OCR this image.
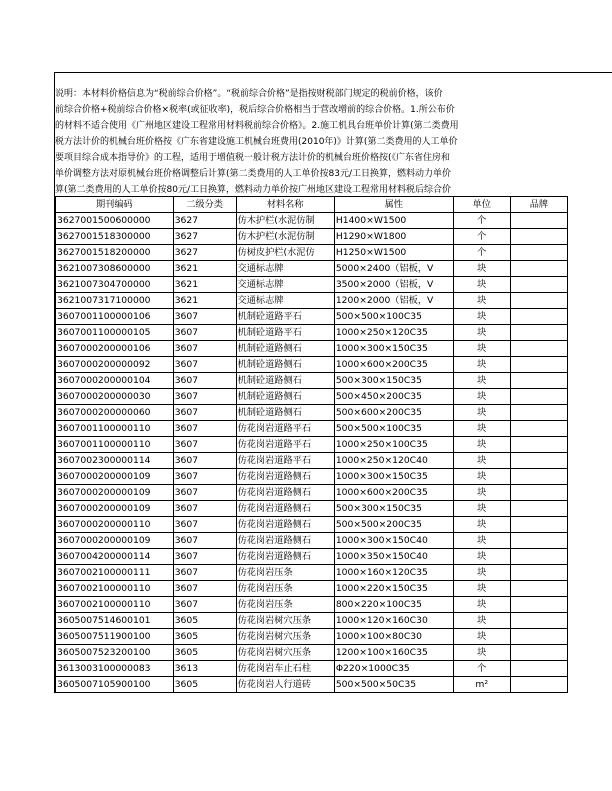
说明：本材料价格信息为“税前综合价格”。“税前综合价格”是指按财税部门规定的税前价格，该价
前综合价格+税前综合价格×税率(或征收率)，税后综合价格相当于营改增前的综合价格。1.所公布价
的材料不适合使用《广州地区建设工程常用材料税前综合价格》。2.施工机具台班单价计算(第二类费用
税方法计价的机械台班价格按《广东省建设施工机械台班费用(2010年)》计算(第二类费用的人工单价
要项目综合成本指导价》的工程，适用于增值税一般计税方法计价的机械台班价格按(《广东省住房和
单价调整方法对原机械台班价格调整后计算(第二类费用的人工单价按83元/工日换算，燃料动力单价
算(第二类费用的人工单价按80元/工日换算，燃料动力单价按广州地区建设工程常用材料税后综合价
期刊编码	二级分类	材料名称	属性	单位	品牌
3627001500600000	3627	仿木护栏(水泥仿制	H1400×W1500	个	
3627001518300000	3627	仿木护栏(水泥仿制	H1290×W1800	个	
3627001518200000	3627	仿树皮护栏(水泥仿	H1250×W1500	个	
3621007308600000	3621	交通标志牌	5000×2400（铝板，V	块	
3621007304700000	3621	交通标志牌	3500×2000（铝板，V	块	
3621007317100000	3621	交通标志牌	1200×2000（铝板，V	块	
3607001100000106	3607	机制砼道路平石	500×500×100C35	块	
3607001100000105	3607	机制砼道路平石	1000×250×120C35	块	
3607000200000106	3607	机制砼道路侧石	1000×300×150C35	块	
3607000200000092	3607	机制砼道路侧石	1000×600×200C35	块	
3607000200000104	3607	机制砼道路侧石	500×300×150C35	块	
3607000200000030	3607	机制砼道路侧石	500×450×200C35	块	
3607000200000060	3607	机制砼道路侧石	500×600×200C35	块	
3607001100000110	3607	仿花岗岩道路平石	500×500×100C35	块	
3607001100000110	3607	仿花岗岩道路平石	1000×250×100C35	块	
3607002300000114	3607	仿花岗岩道路平石	1000×250×120C40	块	
3607000200000109	3607	仿花岗岩道路侧石	1000×300×150C35	块	
3607000200000109	3607	仿花岗岩道路侧石	1000×600×200C35	块	
3607000200000109	3607	仿花岗岩道路侧石	500×300×150C35	块	
3607000200000110	3607	仿花岗岩道路侧石	500×500×200C35	块	
3607000200000109	3607	仿花岗岩道路侧石	1000×300×150C40	块	
3607004200000114	3607	仿花岗岩道路侧石	1000×350×150C40	块	
3607002100000111	3607	仿花岗岩压条	1000×160×120C35	块	
3607002100000110	3607	仿花岗岩压条	1000×220×150C35	块	
3607002100000110	3607	仿花岗岩压条	800×220×100C35	块	
3605007514600101	3605	仿花岗岩树穴压条	1000×120×160C30	块	
3605007511900100	3605	仿花岗岩树穴压条	1000×100×80C30	块	
3605007523200100	3605	仿花岗岩树穴压条	1200×100×160C35	块	
3613003100000083	3613	仿花岗岩车止石柱	Φ220×1000C35	个	
3605007105900100	3605	仿花岗岩人行道砖	500×500×50C35	m²	
